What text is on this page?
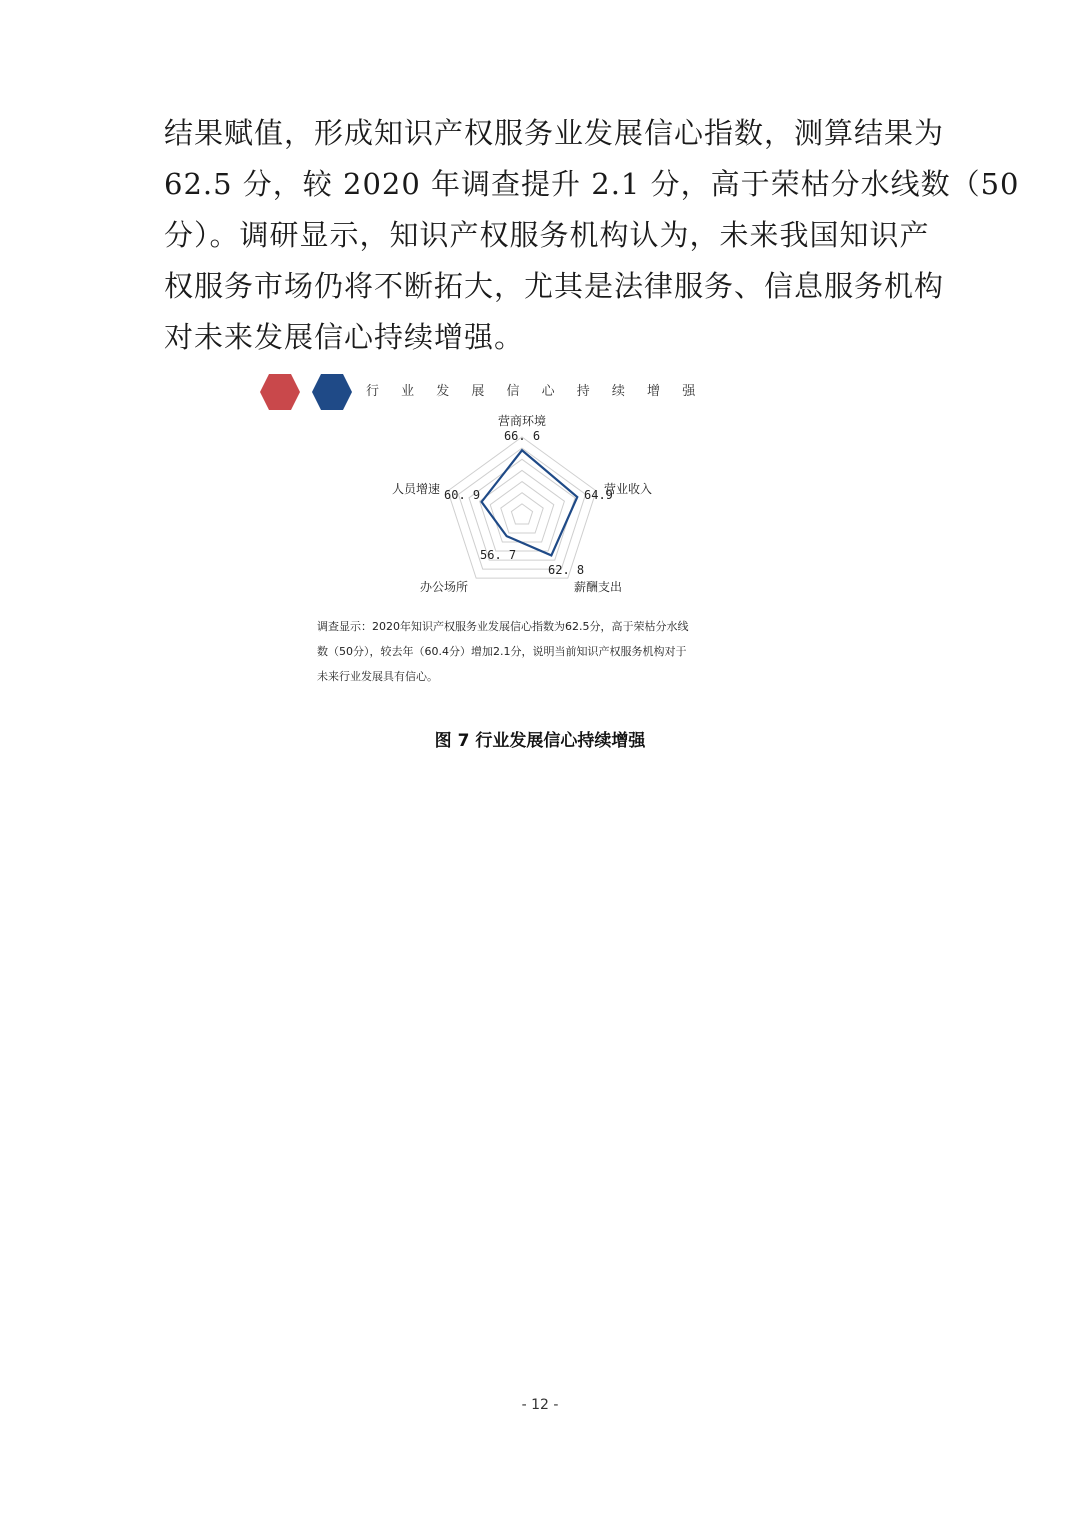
结果赋值，形成知识产权服务业发展信心指数，测算结果为
62.5 分，较 2020 年调查提升 2.1 分，高于荣枯分水线数（50
分）。调研显示，知识产权服务机构认为，未来我国知识产
权服务市场仍将不断拓大，尤其是法律服务、信息服务机构
对未来发展信心持续增强。
行 业 发 展 信 心 持 续 增 强
营商环境
营业收入
薪酬支出
办公场所
人员增速
66. 6
64.9
62. 8
56. 7
60. 9
调查显示：2020年知识产权服务业发展信心指数为62.5分，高于荣枯分水线
数（50分），较去年（60.4分）增加2.1分，说明当前知识产权服务机构对于
未来行业发展具有信心。
图 7 行业发展信心持续增强
- 12 -
